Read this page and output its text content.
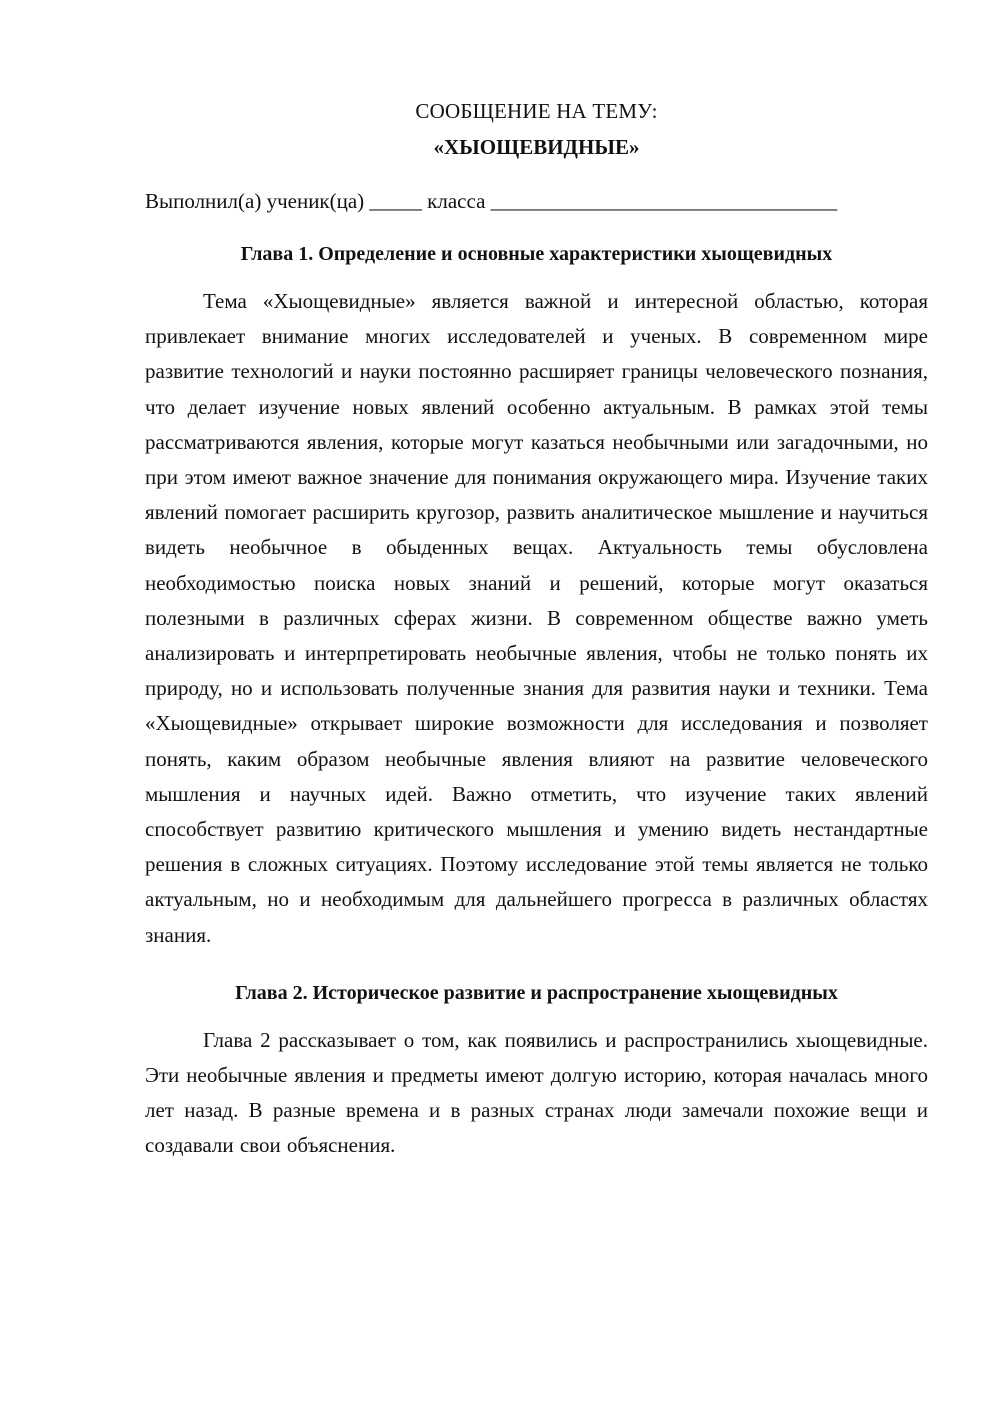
СООБЩЕНИЕ НА ТЕМУ:

«ХЫОЩЕВИДНЫЕ»

Выполнил(а) ученик(ца) _____ класса _________________________________

Глава 1. Определение и основные характеристики хыощевидных

Тема «Хыощевидные» является важной и интересной областью, которая привлекает внимание многих исследователей и ученых. В современном мире развитие технологий и науки постоянно расширяет границы человеческого познания, что делает изучение новых явлений особенно актуальным. В рамках этой темы рассматриваются явления, которые могут казаться необычными или загадочными, но при этом имеют важное значение для понимания окружающего мира. Изучение таких явлений помогает расширить кругозор, развить аналитическое мышление и научиться видеть необычное в обыденных вещах. Актуальность темы обусловлена необходимостью поиска новых знаний и решений, которые могут оказаться полезными в различных сферах жизни. В современном обществе важно уметь анализировать и интерпретировать необычные явления, чтобы не только понять их природу, но и использовать полученные знания для развития науки и техники. Тема «Хыощевидные» открывает широкие возможности для исследования и позволяет понять, каким образом необычные явления влияют на развитие человеческого мышления и научных идей. Важно отметить, что изучение таких явлений способствует развитию критического мышления и умению видеть нестандартные решения в сложных ситуациях. Поэтому исследование этой темы является не только актуальным, но и необходимым для дальнейшего прогресса в различных областях знания.

Глава 2. Историческое развитие и распространение хыощевидных

Глава 2 рассказывает о том, как появились и распространились хыощевидные. Эти необычные явления и предметы имеют долгую историю, которая началась много лет назад. В разные времена и в разных странах люди замечали похожие вещи и создавали свои объяснения.
